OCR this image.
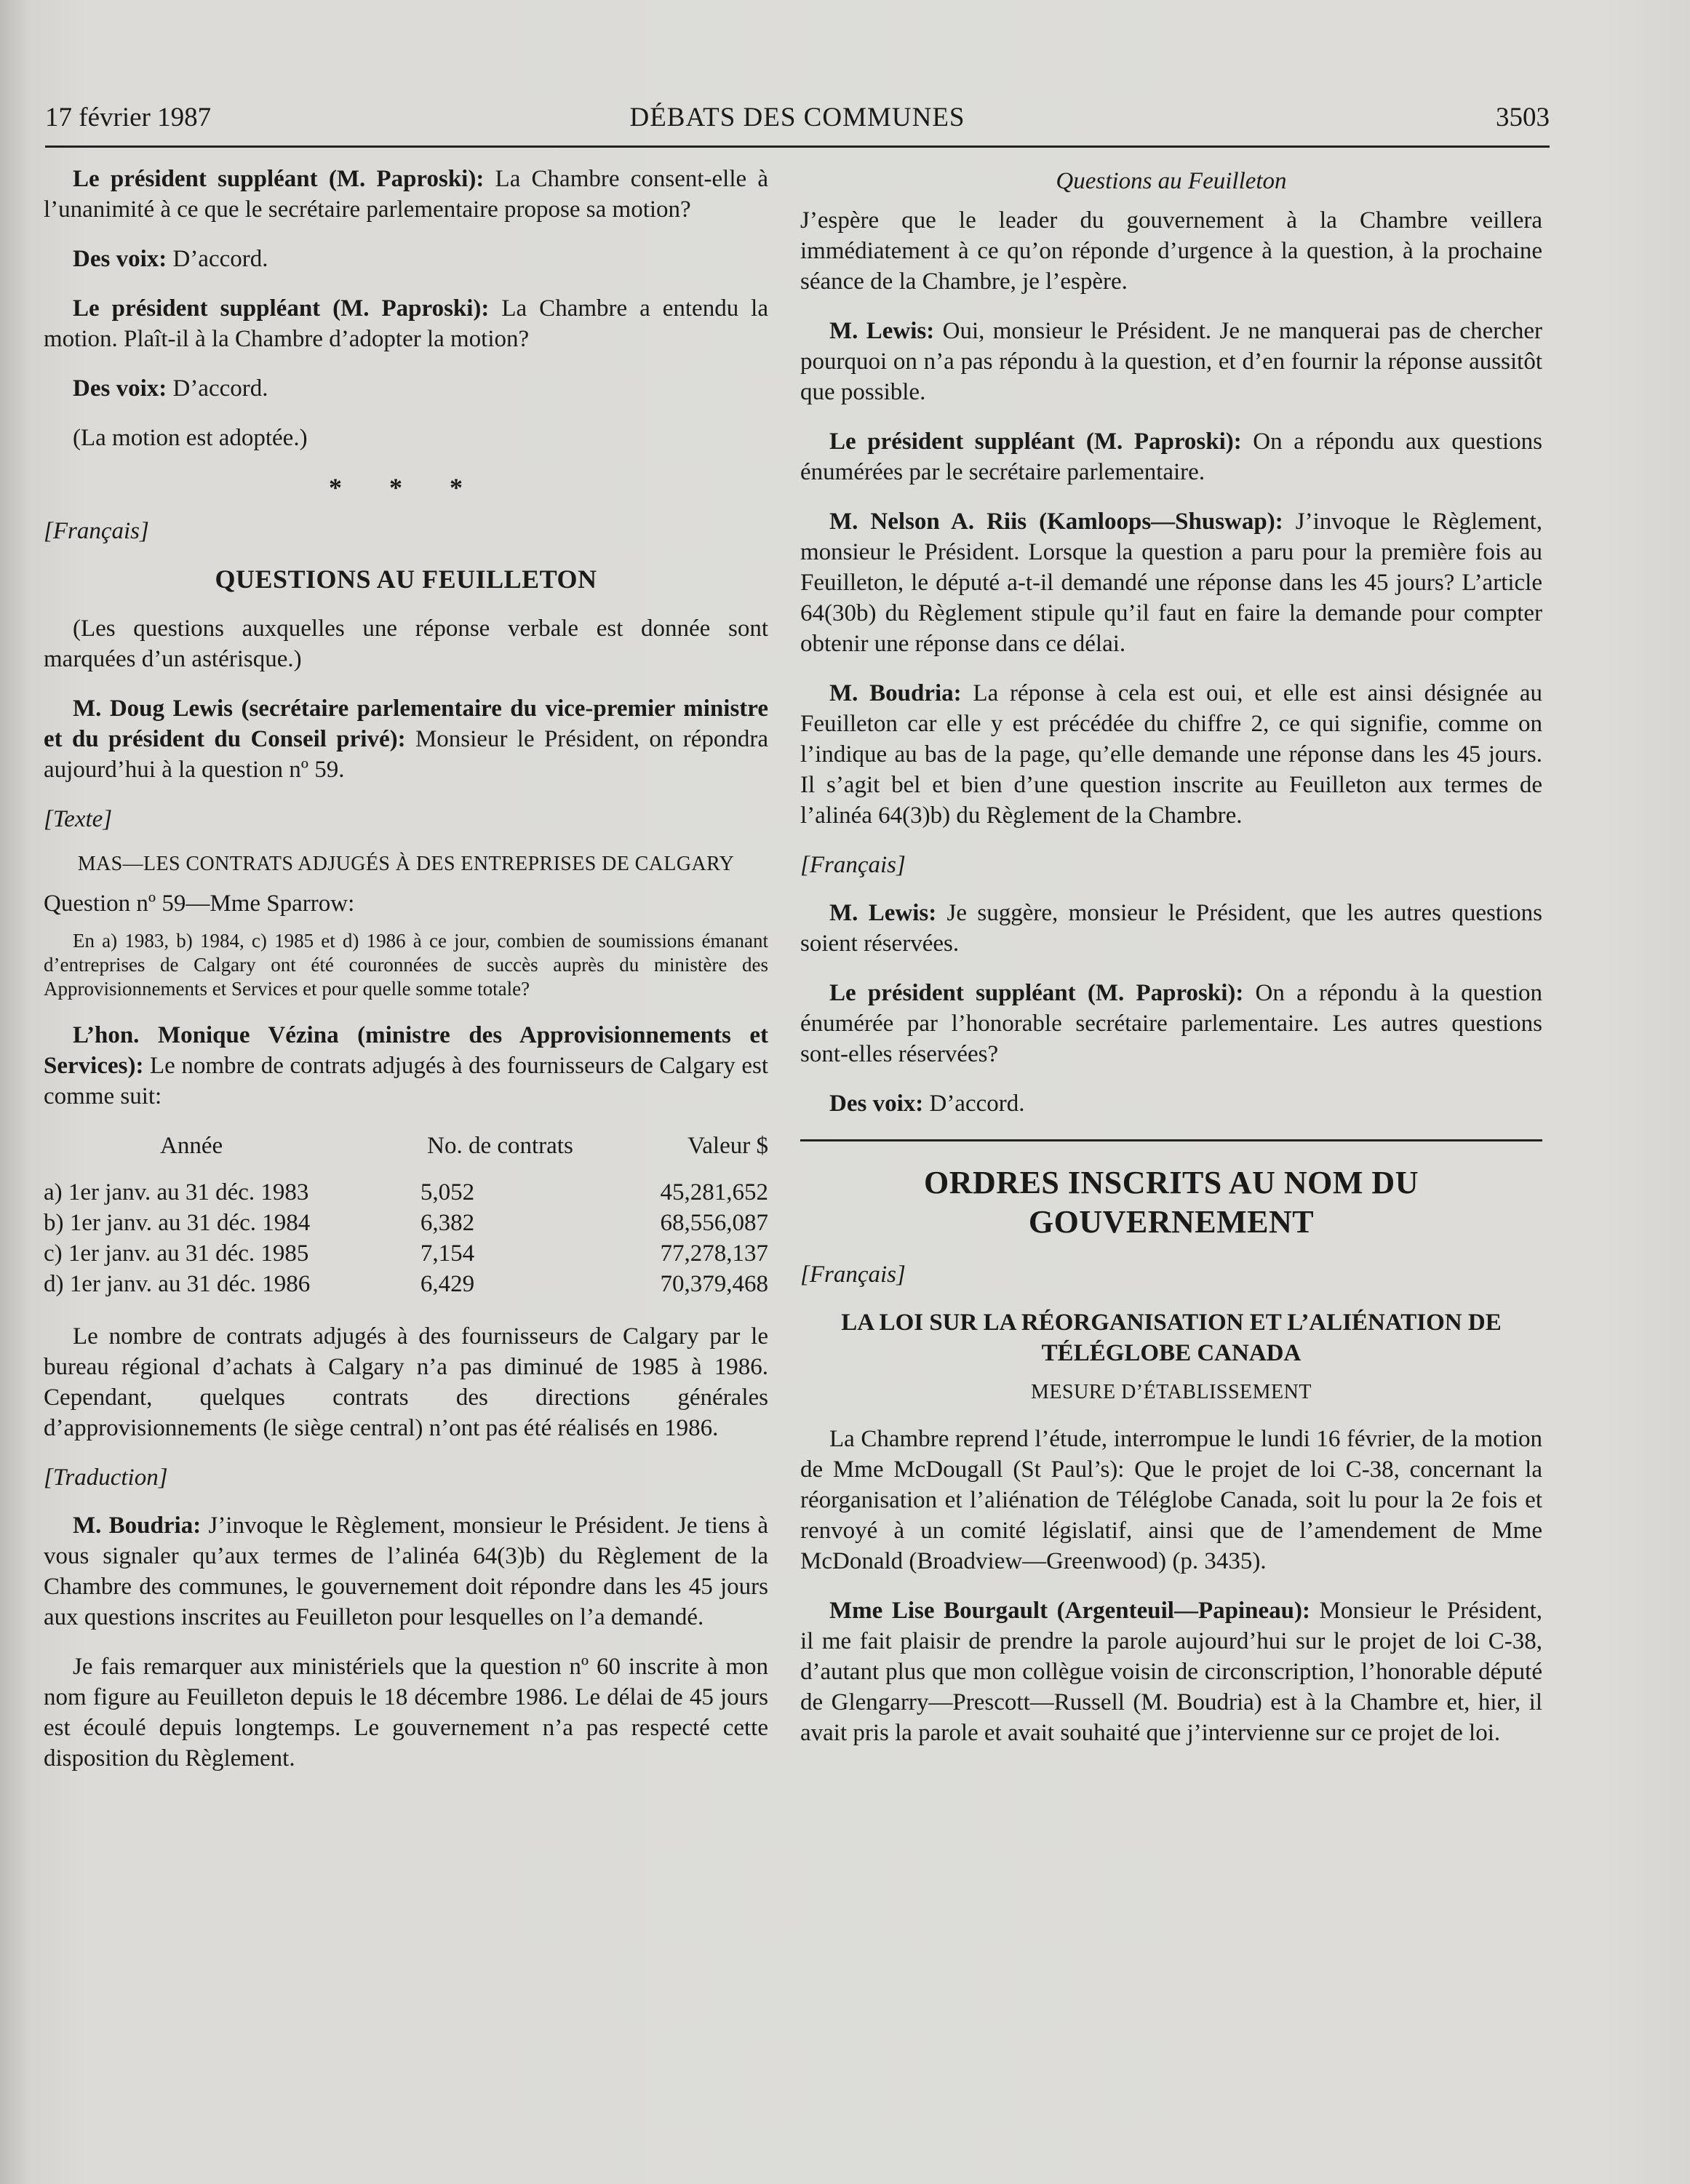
17 février 1987	DÉBATS DES COMMUNES	3503

Le président suppléant (M. Paproski): La Chambre consent-elle à l’unanimité à ce que le secrétaire parlementaire propose sa motion?

Des voix: D’accord.

Le président suppléant (M. Paproski): La Chambre a entendu la motion. Plaît-il à la Chambre d’adopter la motion?

Des voix: D’accord.

(La motion est adoptée.)

* * *

[Français]

QUESTIONS AU FEUILLETON

(Les questions auxquelles une réponse verbale est donnée sont marquées d’un astérisque.)

M. Doug Lewis (secrétaire parlementaire du vice-premier ministre et du président du Conseil privé): Monsieur le Président, on répondra aujourd’hui à la question nº 59.

[Texte]

MAS—LES CONTRATS ADJUGÉS À DES ENTREPRISES DE CALGARY

Question nº 59—Mme Sparrow:

En a) 1983, b) 1984, c) 1985 et d) 1986 à ce jour, combien de soumissions émanant d’entreprises de Calgary ont été couronnées de succès auprès du ministère des Approvisionnements et Services et pour quelle somme totale?

L’hon. Monique Vézina (ministre des Approvisionnements et Services): Le nombre de contrats adjugés à des fournisseurs de Calgary est comme suit:

Année	No. de contrats	Valeur $
a) 1er janv. au 31 déc. 1983	5,052	45,281,652
b) 1er janv. au 31 déc. 1984	6,382	68,556,087
c) 1er janv. au 31 déc. 1985	7,154	77,278,137
d) 1er janv. au 31 déc. 1986	6,429	70,379,468

Le nombre de contrats adjugés à des fournisseurs de Calgary par le bureau régional d’achats à Calgary n’a pas diminué de 1985 à 1986. Cependant, quelques contrats des directions générales d’approvisionnements (le siège central) n’ont pas été réalisés en 1986.

[Traduction]

M. Boudria: J’invoque le Règlement, monsieur le Président. Je tiens à vous signaler qu’aux termes de l’alinéa 64(3)b) du Règlement de la Chambre des communes, le gouvernement doit répondre dans les 45 jours aux questions inscrites au Feuilleton pour lesquelles on l’a demandé.

Je fais remarquer aux ministériels que la question nº 60 inscrite à mon nom figure au Feuilleton depuis le 18 décembre 1986. Le délai de 45 jours est écoulé depuis longtemps. Le gouvernement n’a pas respecté cette disposition du Règlement.

Questions au Feuilleton

J’espère que le leader du gouvernement à la Chambre veillera immédiatement à ce qu’on réponde d’urgence à la question, à la prochaine séance de la Chambre, je l’espère.

M. Lewis: Oui, monsieur le Président. Je ne manquerai pas de chercher pourquoi on n’a pas répondu à la question, et d’en fournir la réponse aussitôt que possible.

Le président suppléant (M. Paproski): On a répondu aux questions énumérées par le secrétaire parlementaire.

M. Nelson A. Riis (Kamloops—Shuswap): J’invoque le Règlement, monsieur le Président. Lorsque la question a paru pour la première fois au Feuilleton, le député a-t-il demandé une réponse dans les 45 jours? L’article 64(30b) du Règlement stipule qu’il faut en faire la demande pour compter obtenir une réponse dans ce délai.

M. Boudria: La réponse à cela est oui, et elle est ainsi désignée au Feuilleton car elle y est précédée du chiffre 2, ce qui signifie, comme on l’indique au bas de la page, qu’elle demande une réponse dans les 45 jours. Il s’agit bel et bien d’une question inscrite au Feuilleton aux termes de l’alinéa 64(3)b) du Règlement de la Chambre.

[Français]

M. Lewis: Je suggère, monsieur le Président, que les autres questions soient réservées.

Le président suppléant (M. Paproski): On a répondu à la question énumérée par l’honorable secrétaire parlementaire. Les autres questions sont-elles réservées?

Des voix: D’accord.

ORDRES INSCRITS AU NOM DU GOUVERNEMENT

[Français]

LA LOI SUR LA RÉORGANISATION ET L’ALIÉNATION DE TÉLÉGLOBE CANADA
MESURE D’ÉTABLISSEMENT

La Chambre reprend l’étude, interrompue le lundi 16 février, de la motion de Mme McDougall (St Paul’s): Que le projet de loi C-38, concernant la réorganisation et l’aliénation de Téléglobe Canada, soit lu pour la 2e fois et renvoyé à un comité législatif, ainsi que de l’amendement de Mme McDonald (Broadview—Greenwood) (p. 3435).

Mme Lise Bourgault (Argenteuil—Papineau): Monsieur le Président, il me fait plaisir de prendre la parole aujourd’hui sur le projet de loi C-38, d’autant plus que mon collègue voisin de circonscription, l’honorable député de Glengarry—Prescott—Russell (M. Boudria) est à la Chambre et, hier, il avait pris la parole et avait souhaité que j’intervienne sur ce projet de loi.
